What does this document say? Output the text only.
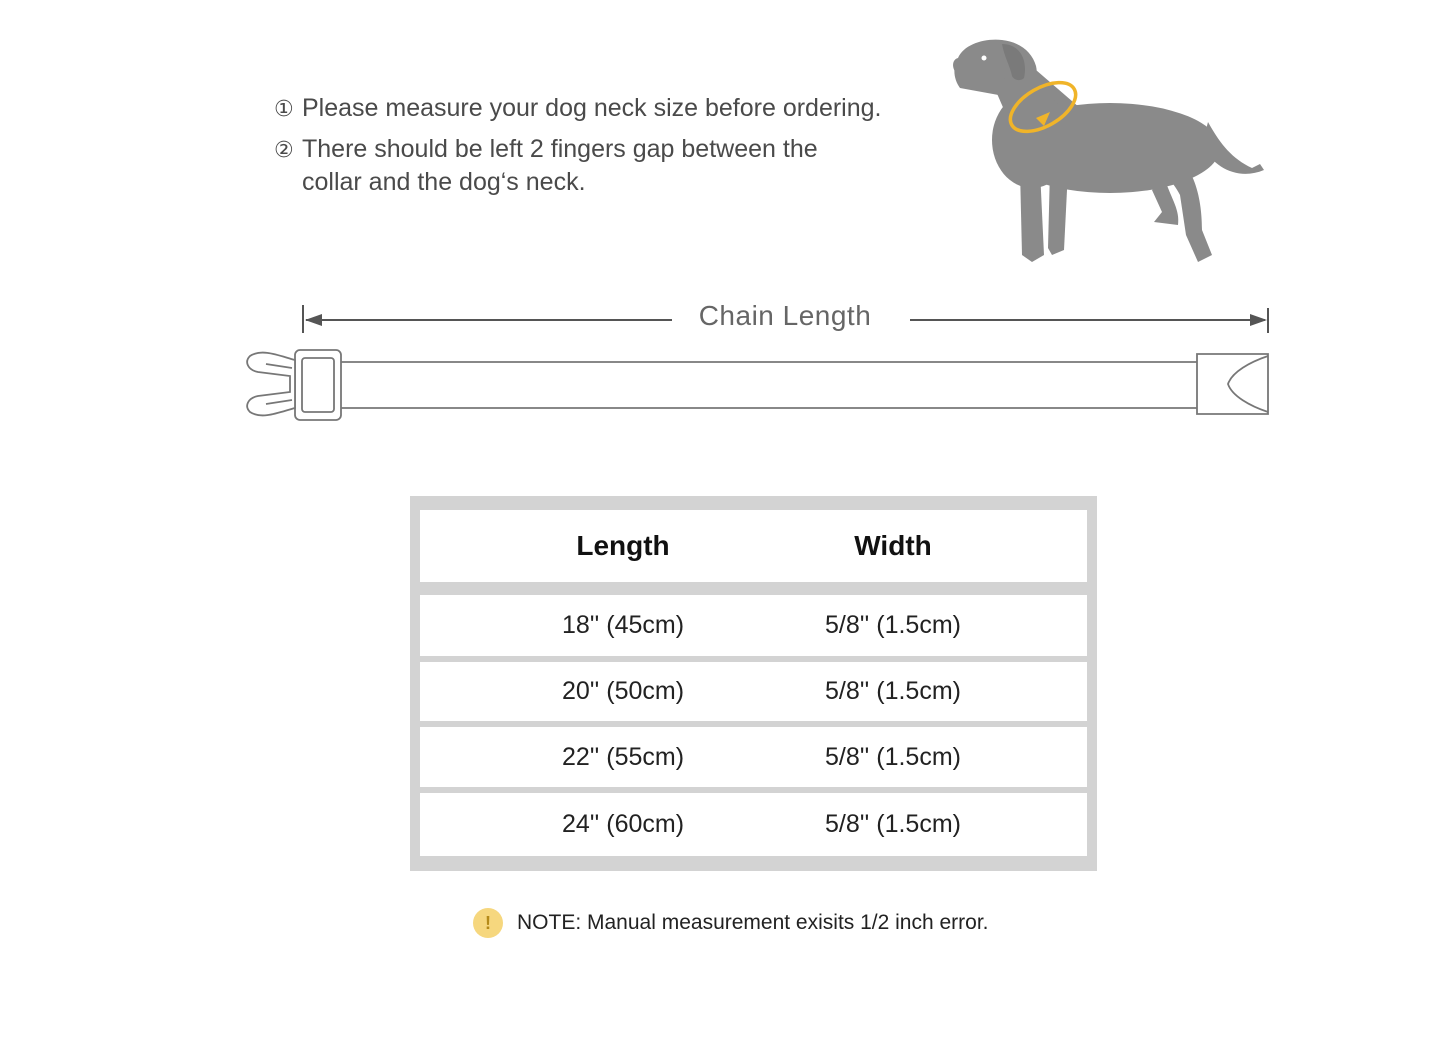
① Please measure your dog neck size before ordering.
② There should be left 2 fingers gap between the
collar and the dog‘s neck.
Chain Length
Length	Width
18'' (45cm)	5/8'' (1.5cm)
20'' (50cm)	5/8'' (1.5cm)
22'' (55cm)	5/8'' (1.5cm)
24'' (60cm)	5/8'' (1.5cm)
!	NOTE: Manual measurement exisits 1/2 inch error.
